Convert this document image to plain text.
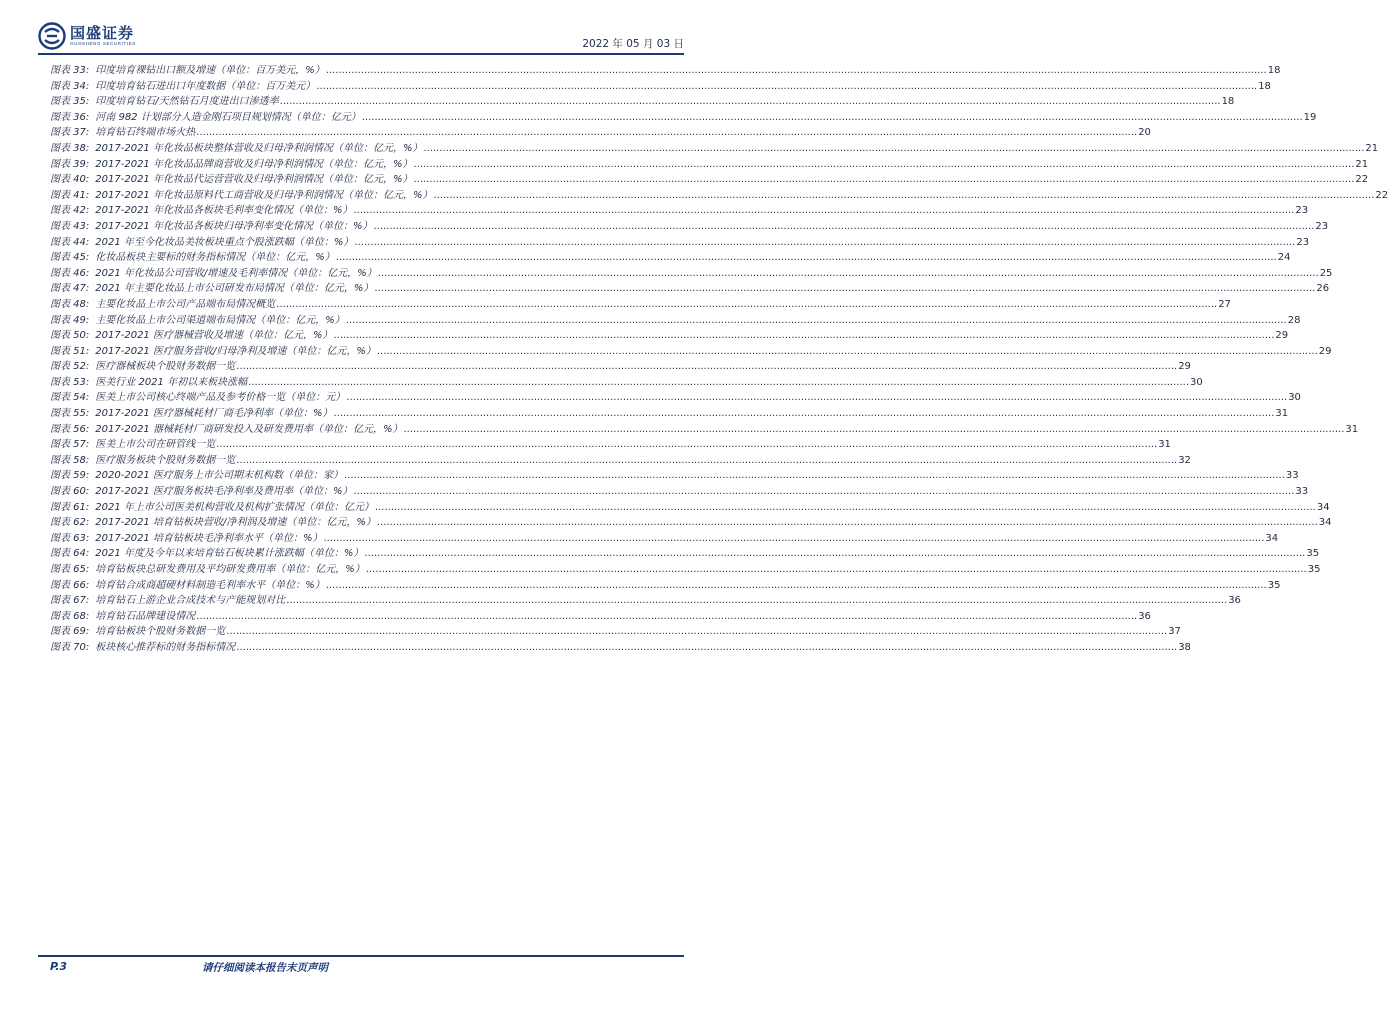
国盛证券
GUOSHENG SECURITIES	2022 年 05 月 03 日
图表 33: 印度培育裸钻出口额及增速（单位：百万美元，%） .....	18
图表 34: 印度培育钻石进出口年度数据（单位：百万美元） .....	18
图表 35: 印度培育钻石/天然钻石月度进出口渗透率 .....	18
图表 36: 河南 982 计划部分人造金刚石项目规划情况（单位：亿元） .....	19
图表 37: 培育钻石终端市场火热 .....	20
图表 38: 2017-2021 年化妆品板块整体营收及归母净利润情况（单位：亿元，%） .....	21
图表 39: 2017-2021 年化妆品品牌商营收及归母净利润情况（单位：亿元，%） .....	21
图表 40: 2017-2021 年化妆品代运营营收及归母净利润情况（单位：亿元，%） .....	22
图表 41: 2017-2021 年化妆品原料代工商营收及归母净利润情况（单位：亿元，%） .....	22
图表 42: 2017-2021 年化妆品各板块毛利率变化情况（单位：%） .....	23
图表 43: 2017-2021 年化妆品各板块归母净利率变化情况（单位：%） .....	23
图表 44: 2021 年至今化妆品美妆板块重点个股涨跌幅（单位：%） .....	23
图表 45: 化妆品板块主要标的财务指标情况（单位：亿元，%） .....	24
图表 46: 2021 年化妆品公司营收/增速及毛利率情况（单位：亿元，%） .....	25
图表 47: 2021 年主要化妆品上市公司研发布局情况（单位：亿元，%） .....	26
图表 48: 主要化妆品上市公司产品端布局情况概览 .....	27
图表 49: 主要化妆品上市公司渠道端布局情况（单位：亿元，%） .....	28
图表 50: 2017-2021 医疗器械营收及增速（单位：亿元，%） .....	29
图表 51: 2017-2021 医疗服务营收/归母净利及增速（单位：亿元，%） .....	29
图表 52: 医疗器械板块个股财务数据一览 .....	29
图表 53: 医美行业 2021 年初以来板块涨幅 .....	30
图表 54: 医美上市公司核心终端产品及参考价格一览（单位：元） .....	30
图表 55: 2017-2021 医疗器械耗材厂商毛净利率（单位：%） .....	31
图表 56: 2017-2021 器械耗材厂商研发投入及研发费用率（单位：亿元，%） .....	31
图表 57: 医美上市公司在研管线一览 .....	31
图表 58: 医疗服务板块个股财务数据一览 .....	32
图表 59: 2020-2021 医疗服务上市公司期末机构数（单位：家） .....	33
图表 60: 2017-2021 医疗服务板块毛净利率及费用率（单位：%） .....	33
图表 61: 2021 年上市公司医美机构营收及机构扩张情况（单位：亿元） .....	34
图表 62: 2017-2021 培育钻板块营收/净利润及增速（单位：亿元，%） .....	34
图表 63: 2017-2021 培育钻板块毛净利率水平（单位：%） .....	34
图表 64: 2021 年度及今年以来培育钻石板块累计涨跌幅（单位：%） .....	35
图表 65: 培育钻板块总研发费用及平均研发费用率（单位：亿元，%） .....	35
图表 66: 培育钻合成商超硬材料制造毛利率水平（单位：%） .....	35
图表 67: 培育钻石上游企业合成技术与产能规划对比 .....	36
图表 68: 培育钻石品牌建设情况 .....	36
图表 69: 培育钻板块个股财务数据一览 .....	37
图表 70: 板块核心推荐标的财务指标情况 .....	38
P.3	请仔细阅读本报告末页声明
